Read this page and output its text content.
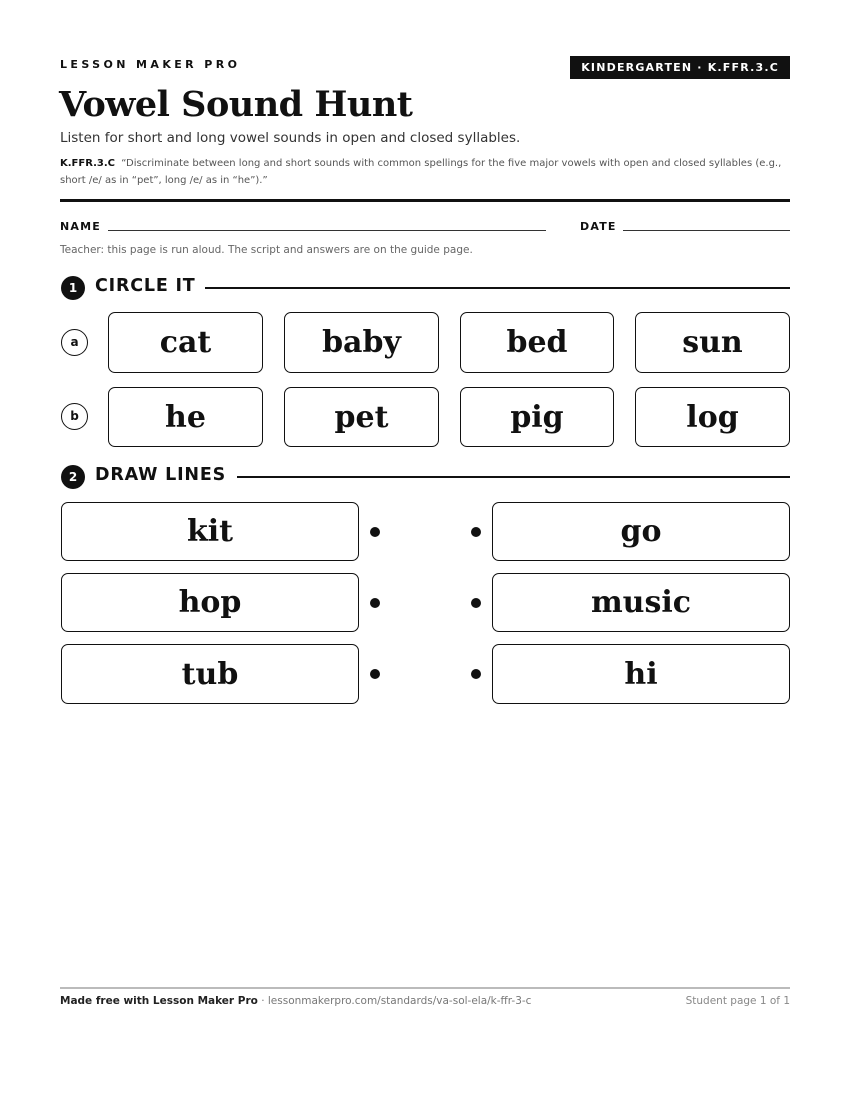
LESSON MAKER PRO	KINDERGARTEN · K.FFR.3.C
Vowel Sound Hunt
Listen for short and long vowel sounds in open and closed syllables.
K.FFR.3.C “Discriminate between long and short sounds with common spellings for the five major vowels with open and closed syllables (e.g., short /e/ as in “pet”, long /e/ as in “he”).”
NAME	DATE
Teacher: this page is run aloud. The script and answers are on the guide page.
1	CIRCLE IT
a	cat	baby	bed	sun
b	he	pet	pig	log
2	DRAW LINES
kit	go
hop	music
tub	hi
Made free with Lesson Maker Pro · lessonmakerpro.com/standards/va-sol-ela/k-ffr-3-c	Student page 1 of 1
